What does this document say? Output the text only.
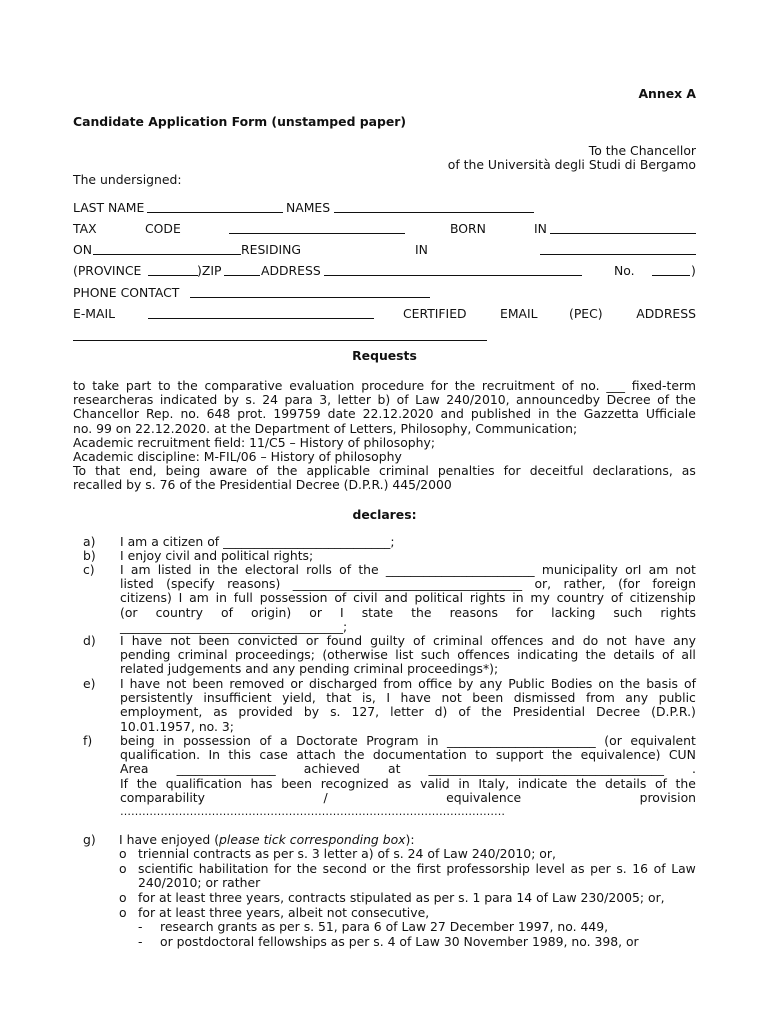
Annex A
Candidate Application Form (unstamped paper)
To the Chancellor
of the Università degli Studi di Bergamo
The undersigned:
LAST NAME	NAMES
TAX	CODE	BORN	IN
ON	RESIDING	IN
(PROVINCE	)ZIP	ADDRESS	No.	)
PHONE CONTACT
E-MAIL	CERTIFIED	EMAIL	(PEC)	ADDRESS
Requests
to take part to the comparative evaluation procedure for the recruitment of no. ___ fixed-term
researcheras indicated by s. 24 para 3, letter b) of Law 240/2010, announcedby Decree of the
Chancellor Rep. no. 648 prot. 199759 date 22.12.2020 and published in the Gazzetta Ufficiale
no. 99 on 22.12.2020. at the Department of Letters, Philosophy, Communication;
Academic recruitment field: 11/C5 – History of philosophy;
Academic discipline: M-FIL/06 – History of philosophy
To that end, being aware of the applicable criminal penalties for deceitful declarations, as
recalled by s. 76 of the Presidential Decree (D.P.R.) 445/2000
declares:
a)	I am a citizen of ___________________________;
b)	I enjoy civil and political rights;
c)	I am listed in the electoral rolls of the ________________________ municipality orI am not
listed (specify reasons) _____________________________________ or, rather, (for foreign
citizens) I am in full possession of civil and political rights in my country of citizenship
(or country of origin) or I state the reasons for lacking such rights
____________________________________;
d)	I have not been convicted or found guilty of criminal offences and do not have any
pending criminal proceedings; (otherwise list such offences indicating the details of all
related judgements and any pending criminal proceedings*);
e)	I have not been removed or discharged from office by any Public Bodies on the basis of
persistently insufficient yield, that is, I have not been dismissed from any public
employment, as provided by s. 127, letter d) of the Presidential Decree (D.P.R.)
10.01.1957, no. 3;
f)	being in possession of a Doctorate Program in ________________________ (or equivalent
qualification. In this case attach the documentation to support the equivalence) CUN
Area ________________ achieved at ______________________________________ .
If the qualification has been recognized as valid in Italy, indicate the details of the
comparability	/	equivalence	provision
……………………………………………………………………………………………
g)	I have enjoyed (please tick corresponding box):
o triennial contracts as per s. 3 letter a) of s. 24 of Law 240/2010; or,
o scientific habilitation for the second or the first professorship level as per s. 16 of Law
240/2010; or rather
o for at least three years, contracts stipulated as per s. 1 para 14 of Law 230/2005; or,
o for at least three years, albeit not consecutive,
- research grants as per s. 51, para 6 of Law 27 December 1997, no. 449,
- or postdoctoral fellowships as per s. 4 of Law 30 November 1989, no. 398, or
